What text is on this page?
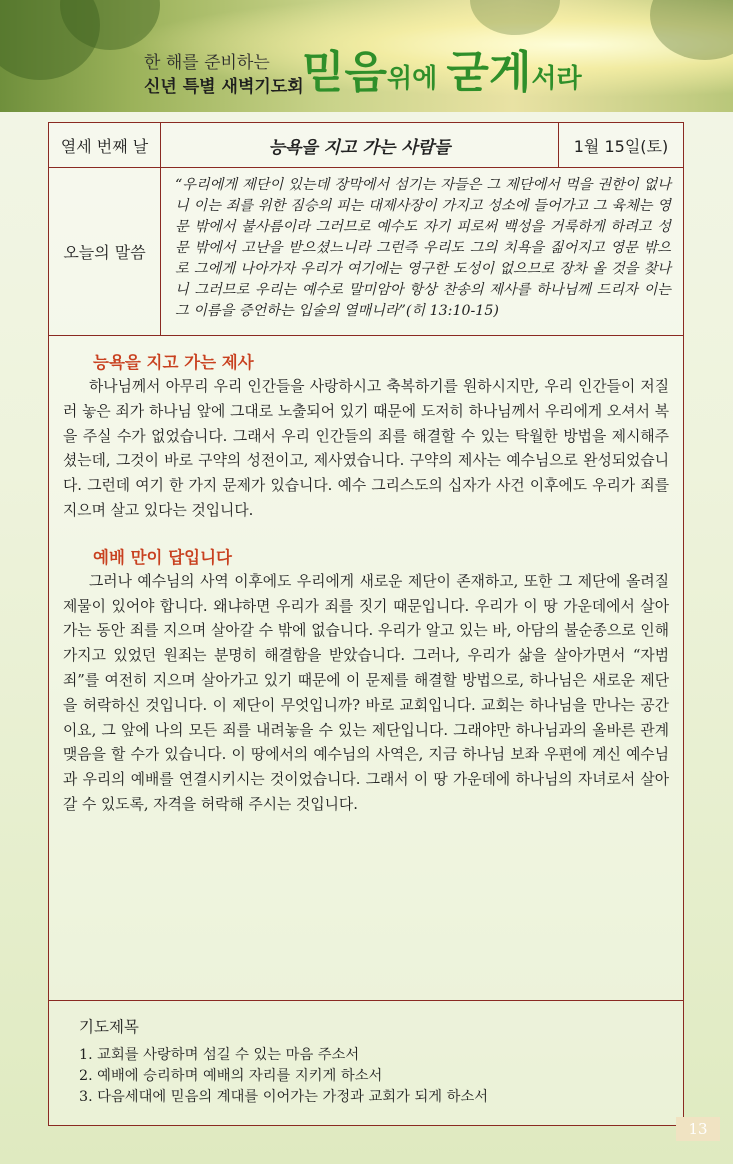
한 해를 준비하는
신년 특별 새벽기도회
믿음위에 굳게서라
열세 번째 날	능욕을 지고 가는 사람들	1월 15일(토)
오늘의 말씀
“우리에게 제단이 있는데 장막에서 섬기는 자들은 그 제단에서 먹을 권한이 없나니 이는 죄를 위한 짐승의 피는 대제사장이 가지고 성소에 들어가고 그 육체는 영문 밖에서 불사름이라 그러므로 예수도 자기 피로써 백성을 거룩하게 하려고 성문 밖에서 고난을 받으셨느니라 그런즉 우리도 그의 치욕을 짊어지고 영문 밖으로 그에게 나아가자 우리가 여기에는 영구한 도성이 없으므로 장차 올 것을 찾나니 그러므로 우리는 예수로 말미암아 항상 찬송의 제사를 하나님께 드리자 이는 그 이름을 증언하는 입술의 열매니라”(히 13:10-15)
능욕을 지고 가는 제사

하나님께서 아무리 우리 인간들을 사랑하시고 축복하기를 원하시지만, 우리 인간들이 저질러 놓은 죄가 하나님 앞에 그대로 노출되어 있기 때문에 도저히 하나님께서 우리에게 오셔서 복을 주실 수가 없었습니다. 그래서 우리 인간들의 죄를 해결할 수 있는 탁월한 방법을 제시해주셨는데, 그것이 바로 구약의 성전이고, 제사였습니다. 구약의 제사는 예수님으로 완성되었습니다. 그런데 여기 한 가지 문제가 있습니다. 예수 그리스도의 십자가 사건 이후에도 우리가 죄를 지으며 살고 있다는 것입니다.

예배 만이 답입니다

그러나 예수님의 사역 이후에도 우리에게 새로운 제단이 존재하고, 또한 그 제단에 올려질 제물이 있어야 합니다. 왜냐하면 우리가 죄를 짓기 때문입니다. 우리가 이 땅 가운데에서 살아가는 동안 죄를 지으며 살아갈 수 밖에 없습니다. 우리가 알고 있는 바, 아담의 불순종으로 인해 가지고 있었던 원죄는 분명히 해결함을 받았습니다. 그러나, 우리가 삶을 살아가면서 “자범죄”를 여전히 지으며 살아가고 있기 때문에 이 문제를 해결할 방법으로, 하나님은 새로운 제단을 허락하신 것입니다. 이 제단이 무엇입니까? 바로 교회입니다. 교회는 하나님을 만나는 공간이요, 그 앞에 나의 모든 죄를 내려놓을 수 있는 제단입니다. 그래야만 하나님과의 올바른 관계 맺음을 할 수가 있습니다. 이 땅에서의 예수님의 사역은, 지금 하나님 보좌 우편에 계신 예수님과 우리의 예배를 연결시키시는 것이었습니다. 그래서 이 땅 가운데에 하나님의 자녀로서 살아갈 수 있도록, 자격을 허락해 주시는 것입니다.

기도제목
1. 교회를 사랑하며 섬길 수 있는 마음 주소서
2. 예배에 승리하며 예배의 자리를 지키게 하소서
3. 다음세대에 믿음의 계대를 이어가는 가정과 교회가 되게 하소서
13
